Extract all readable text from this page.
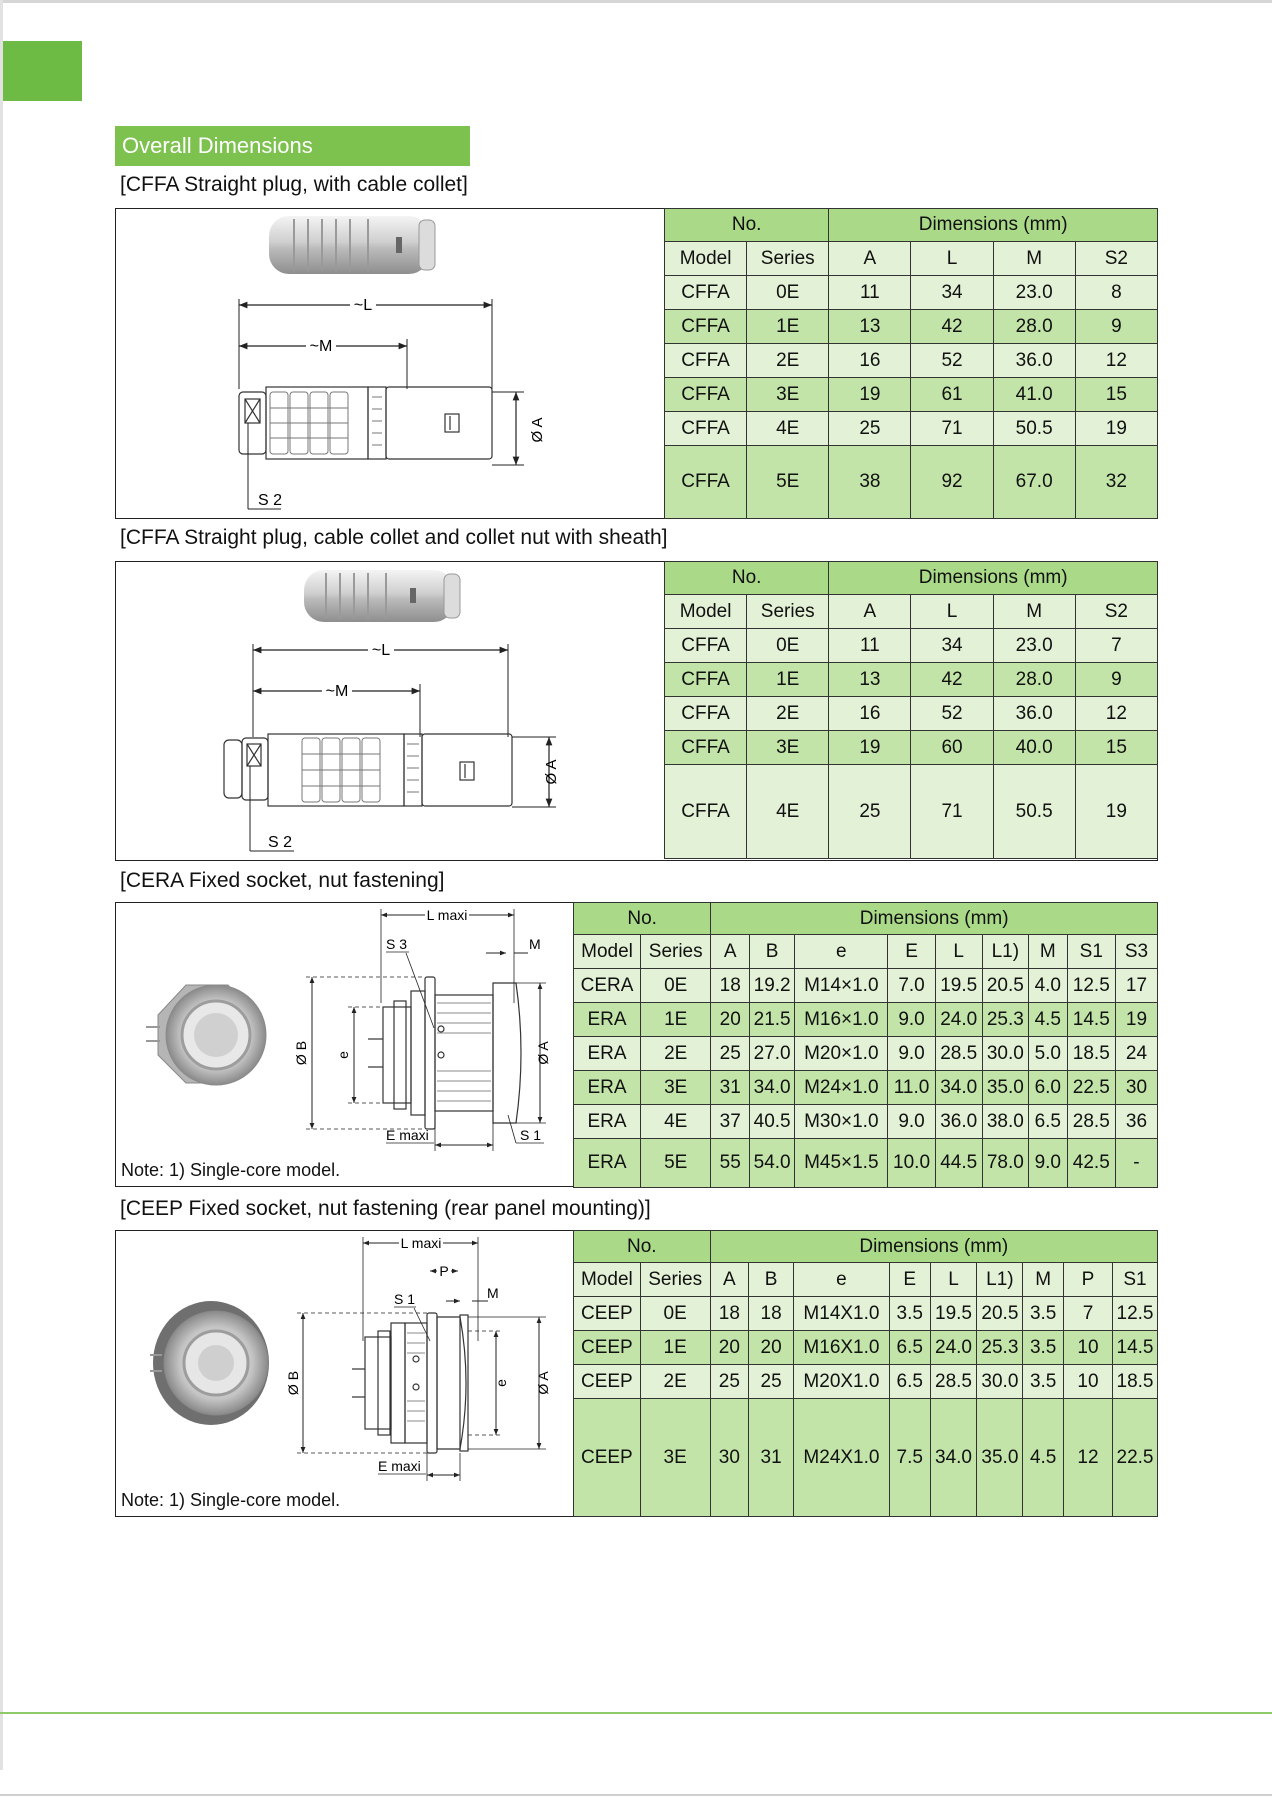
Overall Dimensions
[CFFA Straight plug, with cable collet]
~L
~M
Ø A
S 2
No.		Dimensions (mm)			
Model	Series	A	L	M	S2
CFFA	0E	11	34	23.0	8
CFFA	1E	13	42	28.0	9
CFFA	2E	16	52	36.0	12
CFFA	3E	19	61	41.0	15
CFFA	4E	25	71	50.5	19
CFFA	5E	38	92	67.0	32
[CFFA Straight plug, cable collet and collet nut with sheath]
~L
~M
Ø A
S 2
No.		Dimensions (mm)			
Model	Series	A	L	M	S2
CFFA	0E	11	34	23.0	7
CFFA	1E	13	42	28.0	9
CFFA	2E	16	52	36.0	12
CFFA	3E	19	60	40.0	15
CFFA	4E	25	71	50.5	19
[CERA Fixed socket, nut fastening]
L maxi
S 3	M
Ø B e	Ø A
E maxi	S 1
Note: 1) Single-core model.
No.		Dimensions (mm)								
Model	Series	A	B	e	E	L	L1)	M	S1	S3
CERA	0E	18	19.2	M14×1.0	7.0	19.5	20.5	4.0	12.5	17
ERA	1E	20	21.5	M16×1.0	9.0	24.0	25.3	4.5	14.5	19
ERA	2E	25	27.0	M20×1.0	9.0	28.5	30.0	5.0	18.5	24
ERA	3E	31	34.0	M24×1.0	11.0	34.0	35.0	6.0	22.5	30
ERA	4E	37	40.5	M30×1.0	9.0	36.0	38.0	6.5	28.5	36
ERA	5E	55	54.0	M45×1.5	10.0	44.5	78.0	9.0	42.5	-
[CEEP Fixed socket, nut fastening (rear panel mounting)]
L maxi
P
S 1	M
Ø B	e Ø A
E maxi
Note: 1) Single-core model.
No.		Dimensions (mm)								
Model	Series	A	B	e	E	L	L1)	M	P	S1
CEEP	0E	18	18	M14X1.0	3.5	19.5	20.5	3.5	7	12.5
CEEP	1E	20	20	M16X1.0	6.5	24.0	25.3	3.5	10	14.5
CEEP	2E	25	25	M20X1.0	6.5	28.5	30.0	3.5	10	18.5
CEEP	3E	30	31	M24X1.0	7.5	34.0	35.0	4.5	12	22.5
